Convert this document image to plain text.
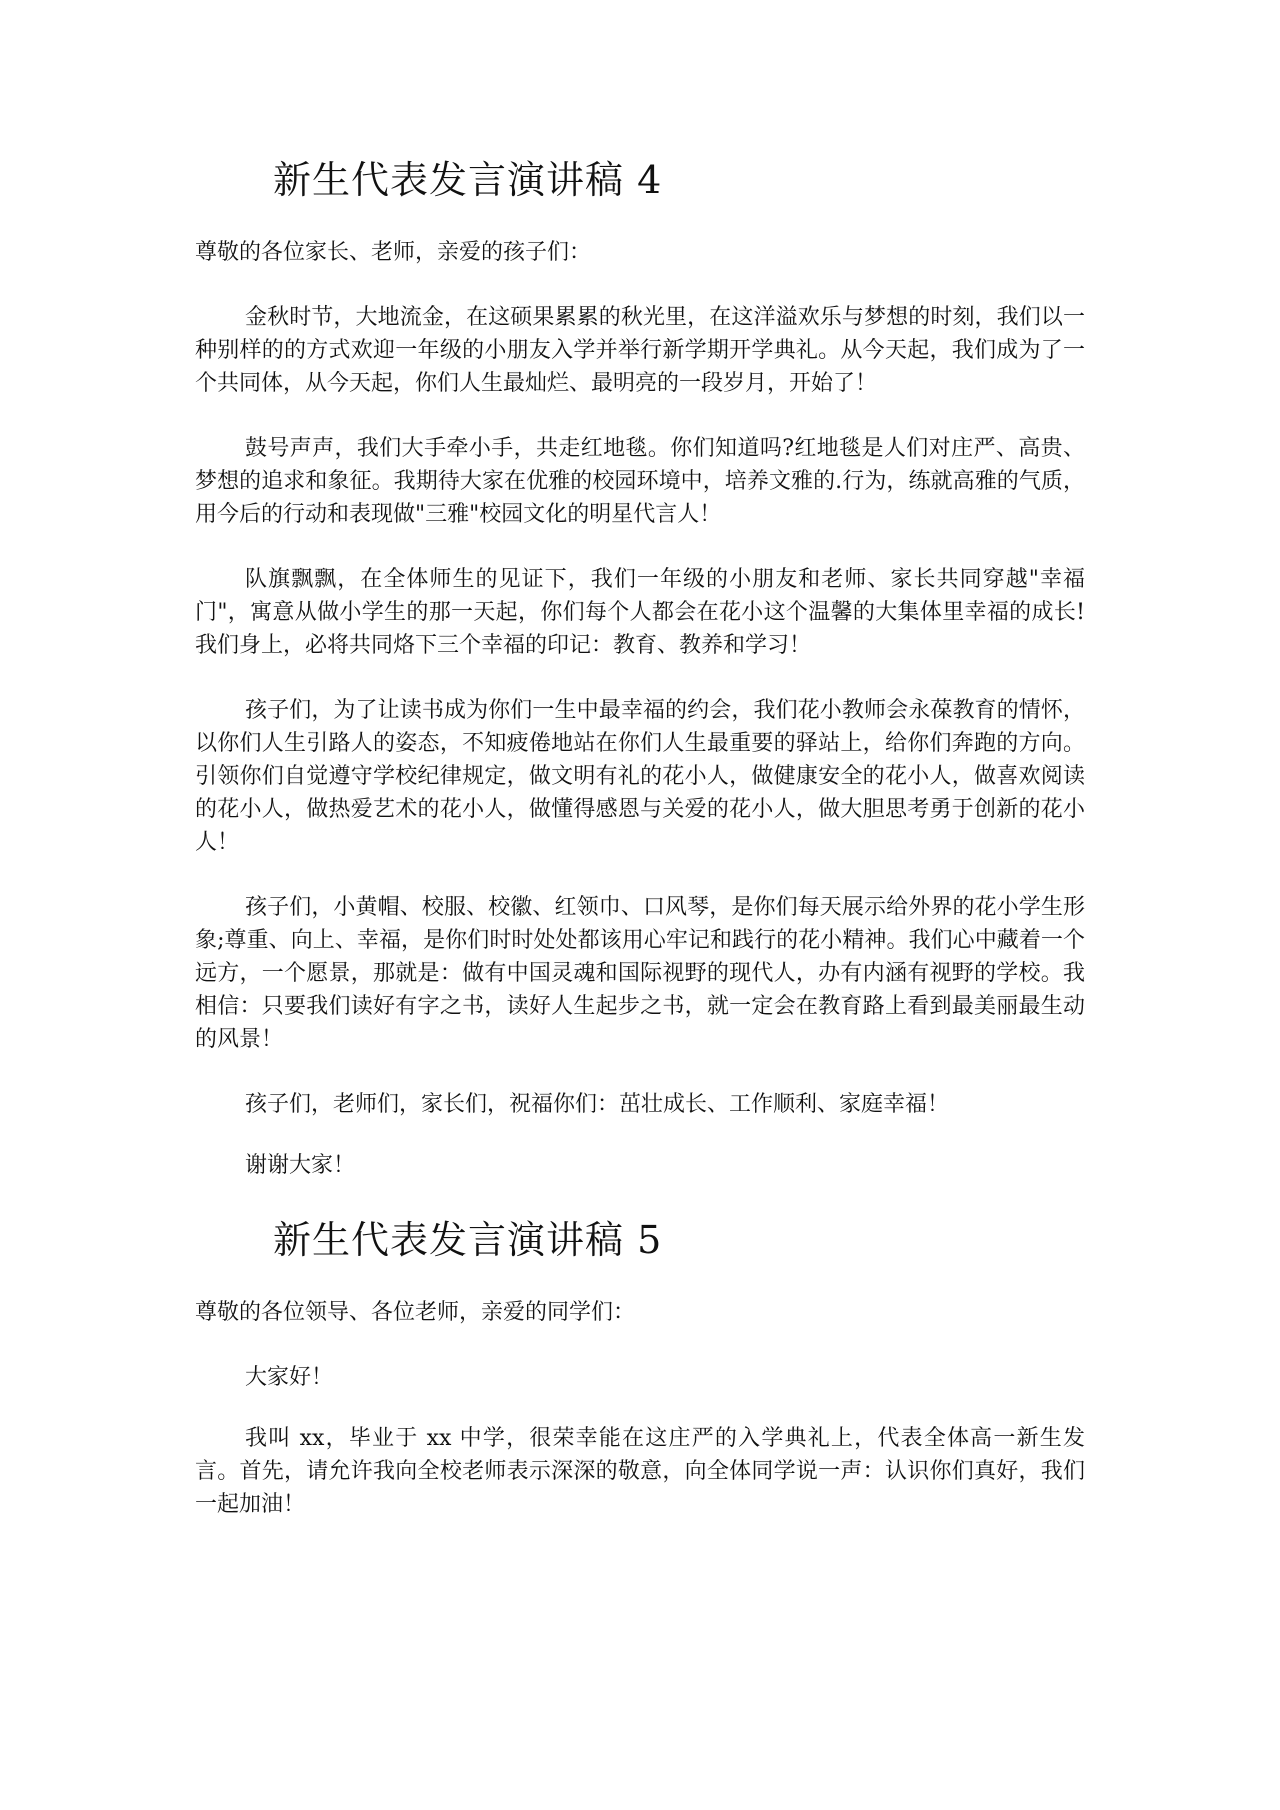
新生代表发言演讲稿 4

尊敬的各位家长、老师，亲爱的孩子们：

金秋时节，大地流金，在这硕果累累的秋光里，在这洋溢欢乐与梦想的时刻，我们以一种别样的的方式欢迎一年级的小朋友入学并举行新学期开学典礼。从今天起，我们成为了一个共同体，从今天起，你们人生最灿烂、最明亮的一段岁月，开始了！

鼓号声声，我们大手牵小手，共走红地毯。你们知道吗?红地毯是人们对庄严、高贵、梦想的追求和象征。我期待大家在优雅的校园环境中，培养文雅的.行为，练就高雅的气质，用今后的行动和表现做"三雅"校园文化的明星代言人！

队旗飘飘，在全体师生的见证下，我们一年级的小朋友和老师、家长共同穿越"幸福门"，寓意从做小学生的那一天起，你们每个人都会在花小这个温馨的大集体里幸福的成长!我们身上，必将共同烙下三个幸福的印记：教育、教养和学习！

孩子们，为了让读书成为你们一生中最幸福的约会，我们花小教师会永葆教育的情怀，以你们人生引路人的姿态，不知疲倦地站在你们人生最重要的驿站上，给你们奔跑的方向。引领你们自觉遵守学校纪律规定，做文明有礼的花小人，做健康安全的花小人，做喜欢阅读的花小人，做热爱艺术的花小人，做懂得感恩与关爱的花小人，做大胆思考勇于创新的花小人！

孩子们，小黄帽、校服、校徽、红领巾、口风琴，是你们每天展示给外界的花小学生形象;尊重、向上、幸福，是你们时时处处都该用心牢记和践行的花小精神。我们心中藏着一个远方，一个愿景，那就是：做有中国灵魂和国际视野的现代人，办有内涵有视野的学校。我相信：只要我们读好有字之书，读好人生起步之书，就一定会在教育路上看到最美丽最生动的风景！

孩子们，老师们，家长们，祝福你们：茁壮成长、工作顺利、家庭幸福！

谢谢大家！

新生代表发言演讲稿 5

尊敬的各位领导、各位老师，亲爱的同学们：

大家好！

我叫 xx，毕业于 xx 中学，很荣幸能在这庄严的入学典礼上，代表全体高一新生发言。首先，请允许我向全校老师表示深深的敬意，向全体同学说一声：认识你们真好，我们一起加油！
